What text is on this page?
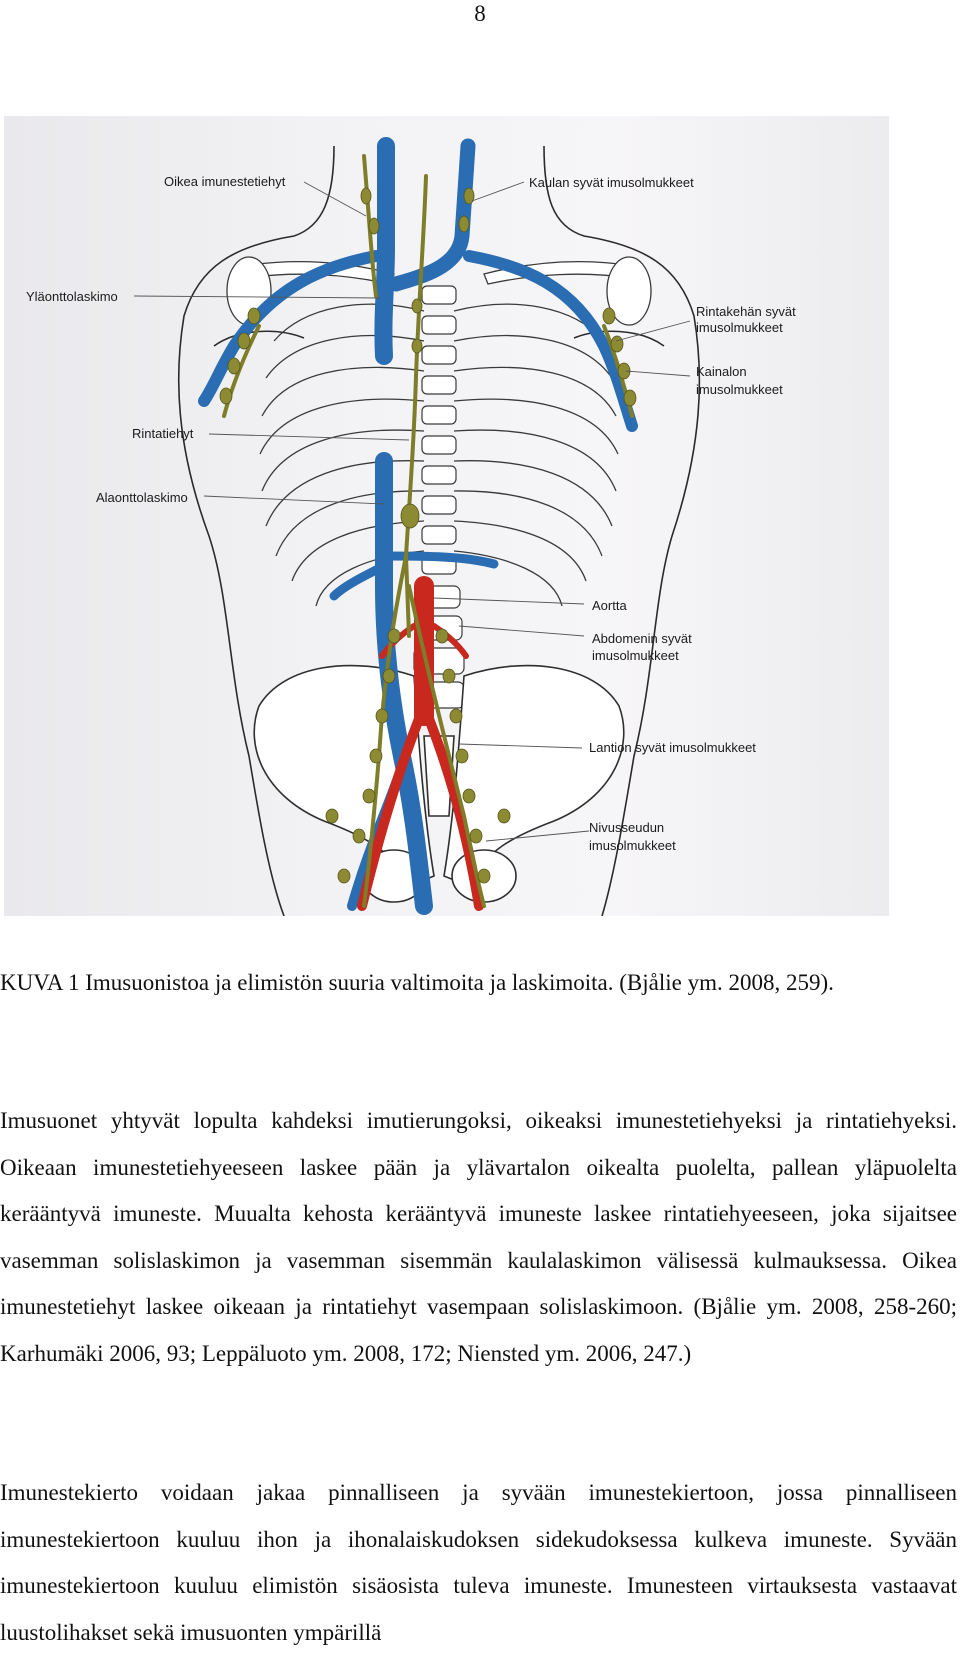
8
Oikea imunestetiehyt	Kaulan syvät imusolmukkeet
Yläonttolaskimo
Rintakehän syvät
imusolmukkeet
Kainalon
imusolmukkeet
Rintatiehyt
Alaonttolaskimo
Aortta
Abdomenin syvät
imusolmukkeet
Lantion syvät imusolmukkeet
Nivusseudun
imusolmukkeet
KUVA 1 Imusuonistoa ja elimistön suuria valtimoita ja laskimoita. (Bjålie ym. 2008, 259).

Imusuonet yhtyvät lopulta kahdeksi imutierungoksi, oikeaksi imunestetiehyeksi ja rintatiehyeksi. Oikeaan imunestetiehyeeseen laskee pään ja ylävartalon oikealta puolelta, pallean yläpuolelta kerääntyvä imuneste. Muualta kehosta kerääntyvä imuneste laskee rintatiehyeeseen, joka sijaitsee vasemman solislaskimon ja vasemman sisemmän kaulalaskimon välisessä kulmauksessa. Oikea imunestetiehyt laskee oikeaan ja rintatiehyt vasempaan solislaskimoon. (Bjålie ym. 2008, 258-260; Karhumäki 2006, 93; Leppäluoto ym. 2008, 172; Niensted ym. 2006, 247.)

Imunestekierto voidaan jakaa pinnalliseen ja syvään imunestekiertoon, jossa pinnalliseen imunestekiertoon kuuluu ihon ja ihonalaiskudoksen sidekudoksessa kulkeva imuneste. Syvään imunestekiertoon kuuluu elimistön sisäosista tuleva imuneste. Imunesteen virtauksesta vastaavat luustolihakset sekä imusuonten ympärillä
